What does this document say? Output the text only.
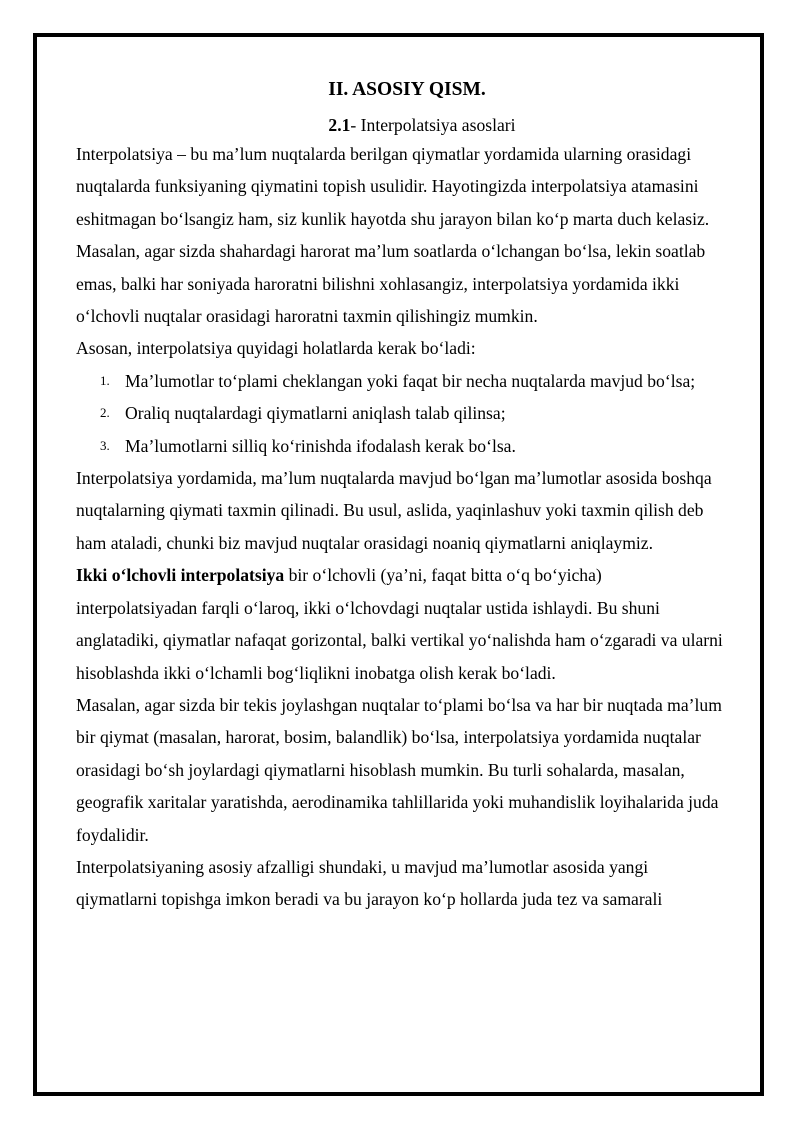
II. ASOSIY QISM.

2.1- Interpolatsiya asoslari

Interpolatsiya – bu ma’lum nuqtalarda berilgan qiymatlar yordamida ularning orasidagi nuqtalarda funksiyaning qiymatini topish usulidir. Hayotingizda interpolatsiya atamasini eshitmagan boʻlsangiz ham, siz kunlik hayotda shu jarayon bilan koʻp marta duch kelasiz. Masalan, agar sizda shahardagi harorat ma’lum soatlarda oʻlchangan boʻlsa, lekin soatlab emas, balki har soniyada haroratni bilishni xohlasangiz, interpolatsiya yordamida ikki oʻlchovli nuqtalar orasidagi haroratni taxmin qilishingiz mumkin.

Asosan, interpolatsiya quyidagi holatlarda kerak boʻladi:

1. Ma’lumotlar toʻplami cheklangan yoki faqat bir necha nuqtalarda mavjud boʻlsa;
2. Oraliq nuqtalardagi qiymatlarni aniqlash talab qilinsa;
3. Ma’lumotlarni silliq koʻrinishda ifodalash kerak boʻlsa.

Interpolatsiya yordamida, ma’lum nuqtalarda mavjud boʻlgan ma’lumotlar asosida boshqa nuqtalarning qiymati taxmin qilinadi. Bu usul, aslida, yaqinlashuv yoki taxmin qilish deb ham ataladi, chunki biz mavjud nuqtalar orasidagi noaniq qiymatlarni aniqlaymiz.

Ikki oʻlchovli interpolatsiya bir oʻlchovli (ya’ni, faqat bitta oʻq boʻyicha) interpolatsiyadan farqli oʻlaroq, ikki oʻlchovdagi nuqtalar ustida ishlaydi. Bu shuni anglatadiki, qiymatlar nafaqat gorizontal, balki vertikal yoʻnalishda ham oʻzgaradi va ularni hisoblashda ikki oʻlchamli bogʻliqlikni inobatga olish kerak boʻladi.

Masalan, agar sizda bir tekis joylashgan nuqtalar toʻplami boʻlsa va har bir nuqtada ma’lum bir qiymat (masalan, harorat, bosim, balandlik) boʻlsa, interpolatsiya yordamida nuqtalar orasidagi boʻsh joylardagi qiymatlarni hisoblash mumkin. Bu turli sohalarda, masalan, geografik xaritalar yaratishda, aerodinamika tahlillarida yoki muhandislik loyihalarida juda foydalidir.

Interpolatsiyaning asosiy afzalligi shundaki, u mavjud ma’lumotlar asosida yangi qiymatlarni topishga imkon beradi va bu jarayon koʻp hollarda juda tez va samarali
